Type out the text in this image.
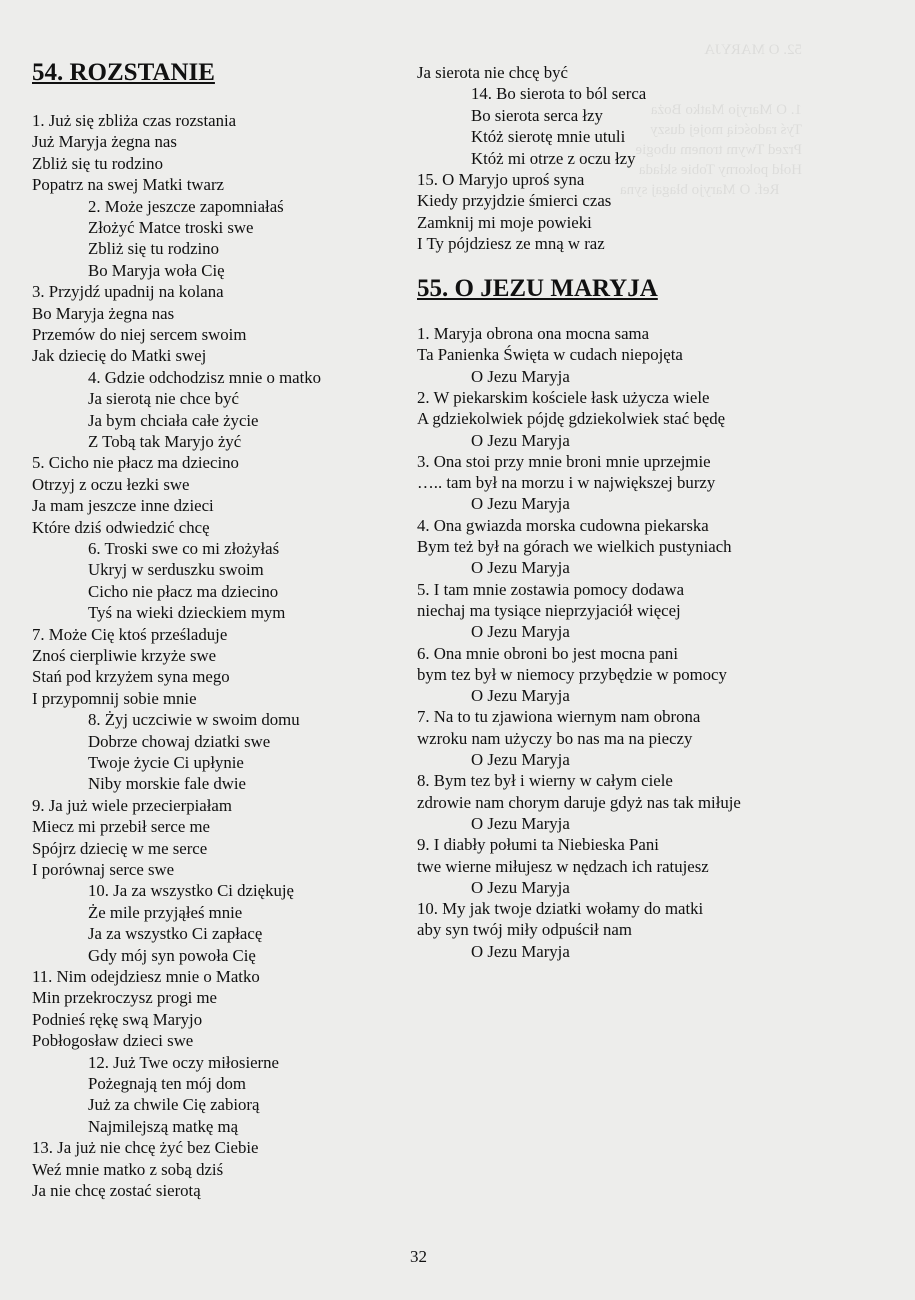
52. O MARYJA

1. O Maryjo Matko Boża
Tyś radością mojej duszy
Przed Twym tronem ubogie
Hołd pokorny Tobie składa
Ref. O Maryjo błagaj syna

54. ROZSTANIE
1. Już się zbliża czas rozstania
Już Maryja żegna nas
Zbliż się tu rodzino
Popatrz na swej Matki twarz
2. Może jeszcze zapomniałaś
Złożyć Matce troski swe
Zbliż się tu rodzino
Bo Maryja woła Cię
3. Przyjdź upadnij na kolana
Bo Maryja żegna nas
Przemów do niej sercem swoim
Jak dziecię do Matki swej
4. Gdzie odchodzisz mnie o matko
Ja sierotą nie chce być
Ja bym chciała całe życie
Z Tobą tak Maryjo żyć
5. Cicho nie płacz ma dziecino
Otrzyj z oczu łezki swe
Ja mam jeszcze inne dzieci
Które dziś odwiedzić chcę
6. Troski swe co mi złożyłaś
Ukryj w serduszku swoim
Cicho nie płacz ma dziecino
Tyś na wieki dzieckiem mym
7. Może Cię ktoś prześladuje
Znoś cierpliwie krzyże swe
Stań pod krzyżem syna mego
I przypomnij sobie mnie
8. Żyj uczciwie w swoim domu
Dobrze chowaj dziatki swe
Twoje życie Ci upłynie
Niby morskie fale dwie
9. Ja już wiele przecierpiałam
Miecz mi przebił serce me
Spójrz dziecię w me serce
I porównaj serce swe
10. Ja za wszystko Ci dziękuję
Że mile przyjąłeś mnie
Ja za wszystko Ci zapłacę
Gdy mój syn powoła Cię
11. Nim odejdziesz mnie o Matko
Min przekroczysz progi me
Podnieś rękę swą Maryjo
Pobłogosław dzieci swe
12. Już Twe oczy miłosierne
Pożegnają ten mój dom
Już za chwile Cię zabiorą
Najmilejszą matkę mą
13. Ja już nie chcę żyć bez Ciebie
Weź mnie matko z sobą dziś
Ja nie chcę zostać sierotą
Ja sierota nie chcę być
14. Bo sierota to ból serca
Bo sierota serca łzy
Któż sierotę mnie utuli
Któż mi otrze z oczu łzy
15. O Maryjo uproś syna
Kiedy przyjdzie śmierci czas
Zamknij mi moje powieki
I Ty pójdziesz ze mną w raz
55. O JEZU MARYJA
1. Maryja obrona ona mocna sama
Ta Panienka Święta w cudach niepojęta
O Jezu Maryja
2. W piekarskim kościele łask użycza wiele
A gdziekolwiek pójdę gdziekolwiek stać będę
O Jezu Maryja
3. Ona stoi przy mnie broni mnie uprzejmie
….. tam był na morzu i w największej burzy
O Jezu Maryja
4. Ona gwiazda morska cudowna piekarska
Bym też był na górach we wielkich pustyniach
O Jezu Maryja
5. I tam mnie zostawia pomocy dodawa
niechaj ma tysiące nieprzyjaciół więcej
O Jezu Maryja
6. Ona mnie obroni bo jest mocna pani
bym tez był w niemocy przybędzie w pomocy
O Jezu Maryja
7. Na to tu zjawiona wiernym nam obrona
wzroku nam użyczy bo nas ma na pieczy
O Jezu Maryja
8. Bym tez był i wierny w całym ciele
zdrowie nam chorym daruje gdyż nas tak miłuje
O Jezu Maryja
9. I diabły połumi ta Niebieska Pani
twe wierne miłujesz w nędzach ich ratujesz
O Jezu Maryja
10. My jak twoje dziatki wołamy do matki
aby syn twój miły odpuścił nam
O Jezu Maryja
32
